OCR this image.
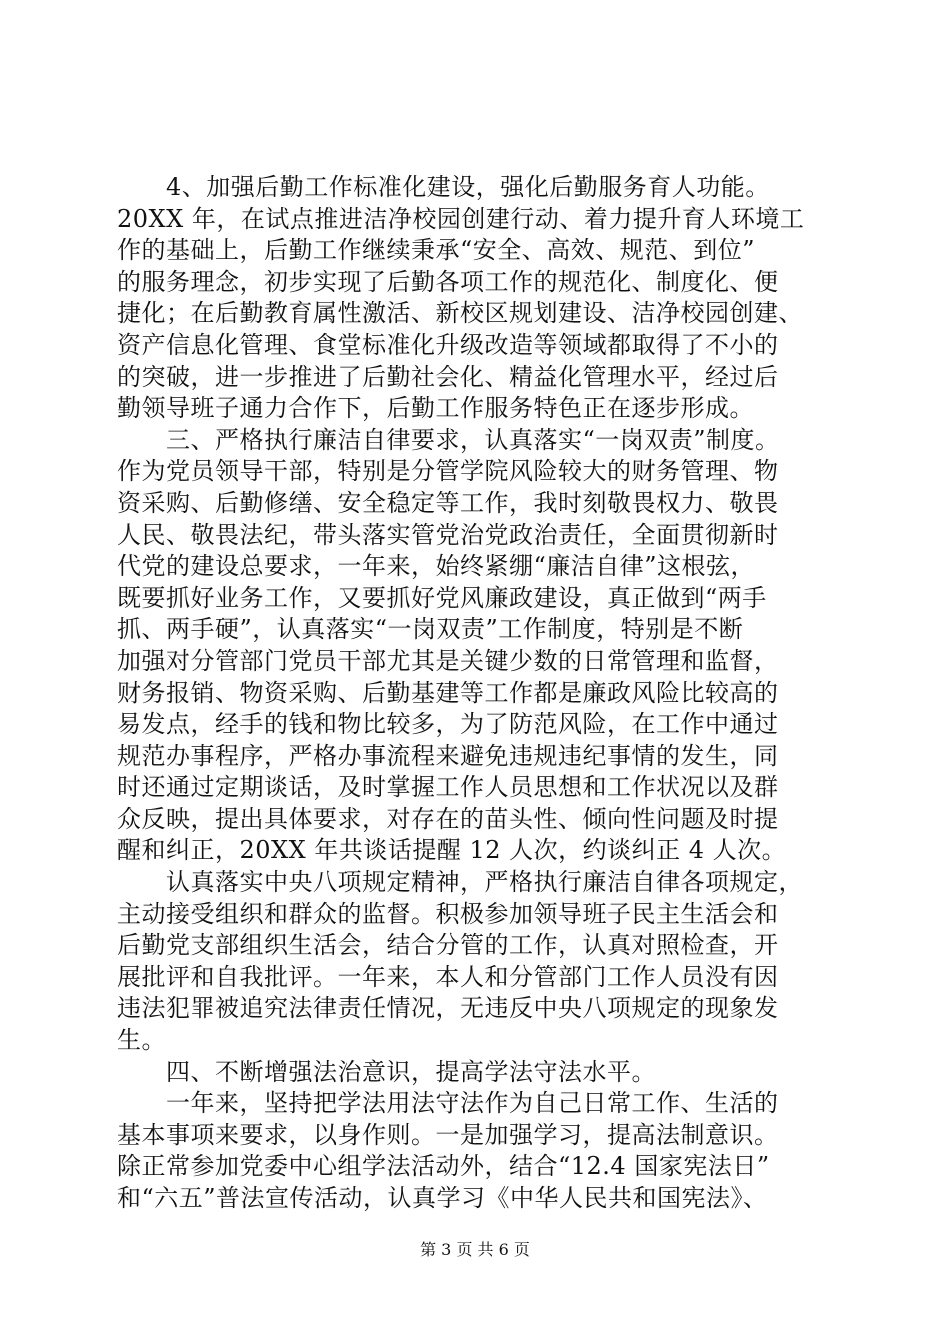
　　4、加强后勤工作标准化建设，强化后勤服务育人功能。
20XX 年，在试点推进洁净校园创建行动、着力提升育人环境工
作的基础上，后勤工作继续秉承“安全、高效、规范、到位”
的服务理念，初步实现了后勤各项工作的规范化、制度化、便
捷化；在后勤教育属性激活、新校区规划建设、洁净校园创建、
资产信息化管理、食堂标准化升级改造等领域都取得了不小的
的突破，进一步推进了后勤社会化、精益化管理水平，经过后
勤领导班子通力合作下，后勤工作服务特色正在逐步形成。
　　三、严格执行廉洁自律要求，认真落实“一岗双责”制度。
作为党员领导干部，特别是分管学院风险较大的财务管理、物
资采购、后勤修缮、安全稳定等工作，我时刻敬畏权力、敬畏
人民、敬畏法纪，带头落实管党治党政治责任，全面贯彻新时
代党的建设总要求，一年来，始终紧绷“廉洁自律”这根弦，
既要抓好业务工作，又要抓好党风廉政建设，真正做到“两手
抓、两手硬”，认真落实“一岗双责”工作制度，特别是不断
加强对分管部门党员干部尤其是关键少数的日常管理和监督，
财务报销、物资采购、后勤基建等工作都是廉政风险比较高的
易发点，经手的钱和物比较多，为了防范风险，在工作中通过
规范办事程序，严格办事流程来避免违规违纪事情的发生，同
时还通过定期谈话，及时掌握工作人员思想和工作状况以及群
众反映，提出具体要求，对存在的苗头性、倾向性问题及时提
醒和纠正，20XX 年共谈话提醒 12 人次，约谈纠正 4 人次。
　　认真落实中央八项规定精神，严格执行廉洁自律各项规定，
主动接受组织和群众的监督。积极参加领导班子民主生活会和
后勤党支部组织生活会，结合分管的工作，认真对照检查，开
展批评和自我批评。一年来，本人和分管部门工作人员没有因
违法犯罪被追究法律责任情况，无违反中央八项规定的现象发
生。
　　四、不断增强法治意识，提高学法守法水平。
　　一年来，坚持把学法用法守法作为自己日常工作、生活的
基本事项来要求，以身作则。一是加强学习，提高法制意识。
除正常参加党委中心组学法活动外，结合“12.4 国家宪法日”
和“六五”普法宣传活动，认真学习《中华人民共和国宪法》、
第 3 页 共 6 页
